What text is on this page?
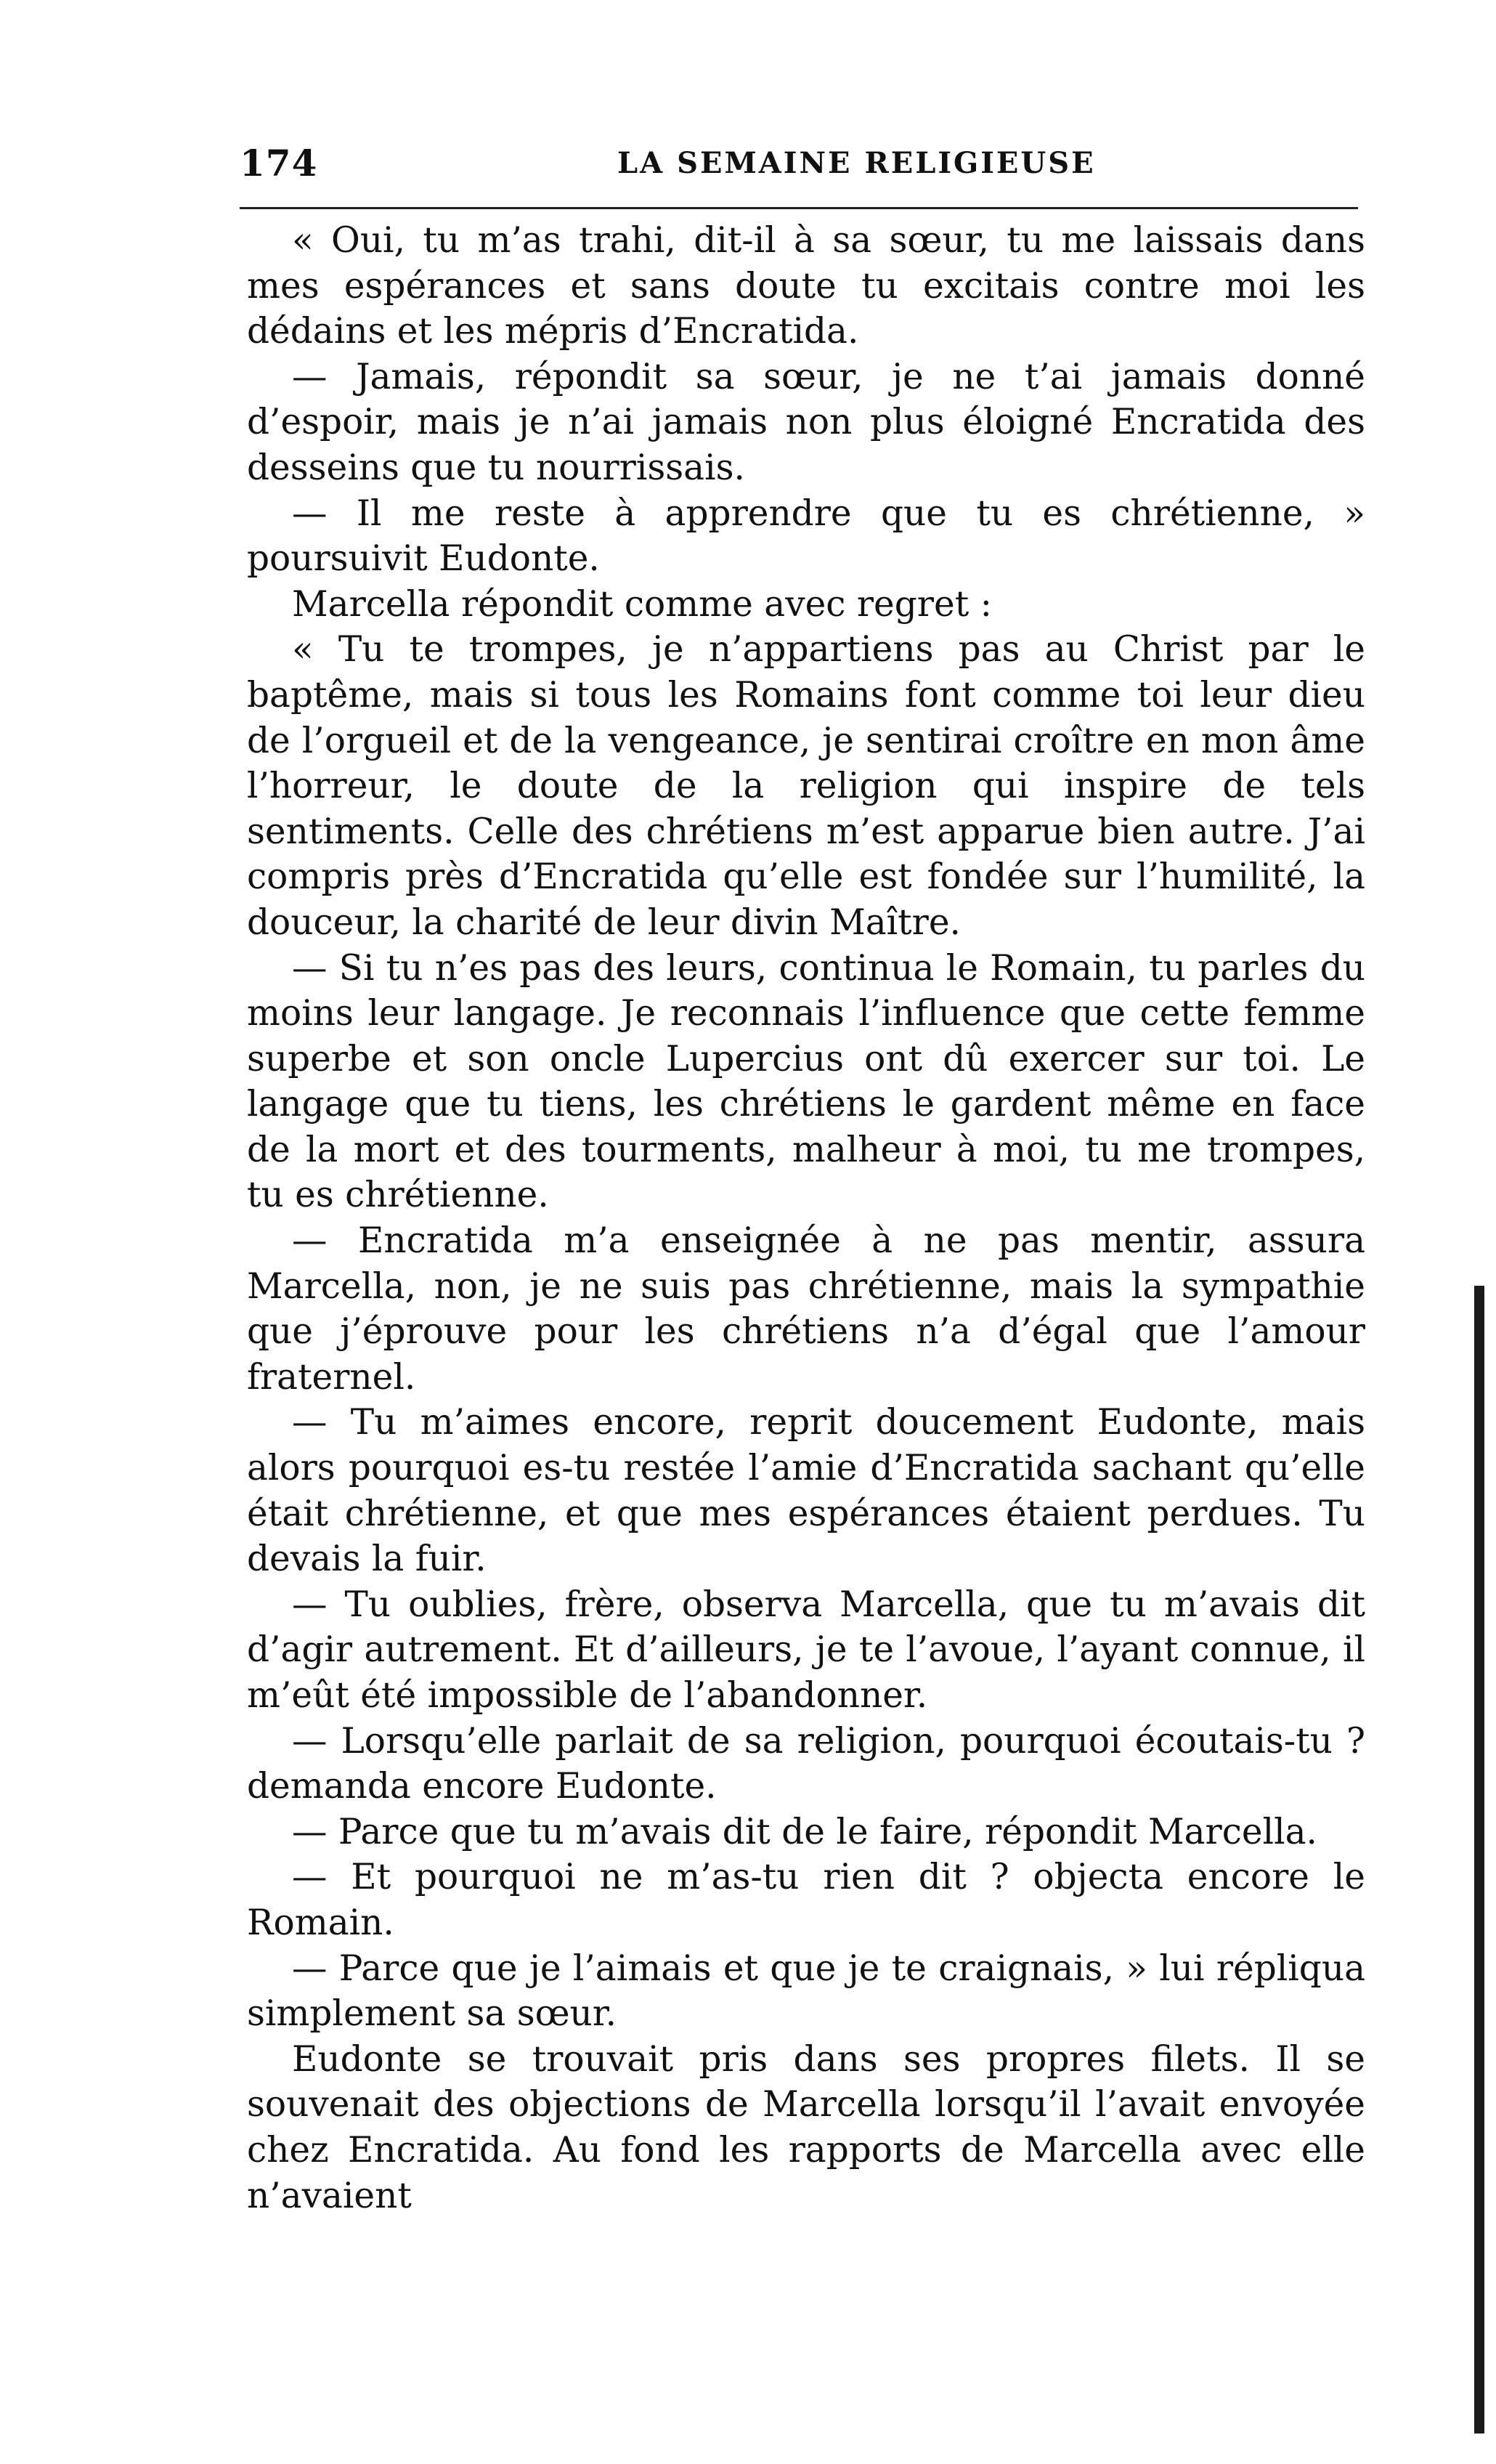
174	LA SEMAINE RELIGIEUSE

« Oui, tu m’as trahi, dit-il à sa sœur, tu me laissais dans mes espérances et sans doute tu excitais contre moi les dédains et les mépris d’Encratida.

— Jamais, répondit sa sœur, je ne t’ai jamais donné d’espoir, mais je n’ai jamais non plus éloigné Encratida des desseins que tu nourrissais.

— Il me reste à apprendre que tu es chrétienne, » poursuivit Eudonte.

Marcella répondit comme avec regret :

« Tu te trompes, je n’appartiens pas au Christ par le baptême, mais si tous les Romains font comme toi leur dieu de l’orgueil et de la vengeance, je sentirai croître en mon âme l’horreur, le doute de la religion qui inspire de tels sentiments. Celle des chrétiens m’est apparue bien autre. J’ai compris près d’Encratida qu’elle est fondée sur l’humilité, la douceur, la charité de leur divin Maître.

— Si tu n’es pas des leurs, continua le Romain, tu parles du moins leur langage. Je reconnais l’influence que cette femme superbe et son oncle Lupercius ont dû exercer sur toi. Le langage que tu tiens, les chrétiens le gardent même en face de la mort et des tourments, malheur à moi, tu me trompes, tu es chrétienne.

— Encratida m’a enseignée à ne pas mentir, assura Marcella, non, je ne suis pas chrétienne, mais la sympathie que j’éprouve pour les chrétiens n’a d’égal que l’amour fraternel.

— Tu m’aimes encore, reprit doucement Eudonte, mais alors pourquoi es-tu restée l’amie d’Encratida sachant qu’elle était chrétienne, et que mes espérances étaient perdues. Tu devais la fuir.

— Tu oublies, frère, observa Marcella, que tu m’avais dit d’agir autrement. Et d’ailleurs, je te l’avoue, l’ayant connue, il m’eût été impossible de l’abandonner.

— Lorsqu’elle parlait de sa religion, pourquoi écoutais-tu ? demanda encore Eudonte.

— Parce que tu m’avais dit de le faire, répondit Marcella.

— Et pourquoi ne m’as-tu rien dit ? objecta encore le Romain.

— Parce que je l’aimais et que je te craignais, » lui répliqua simplement sa sœur.

Eudonte se trouvait pris dans ses propres filets. Il se souvenait des objections de Marcella lorsqu’il l’avait envoyée chez Encratida. Au fond les rapports de Marcella avec elle n’avaient
